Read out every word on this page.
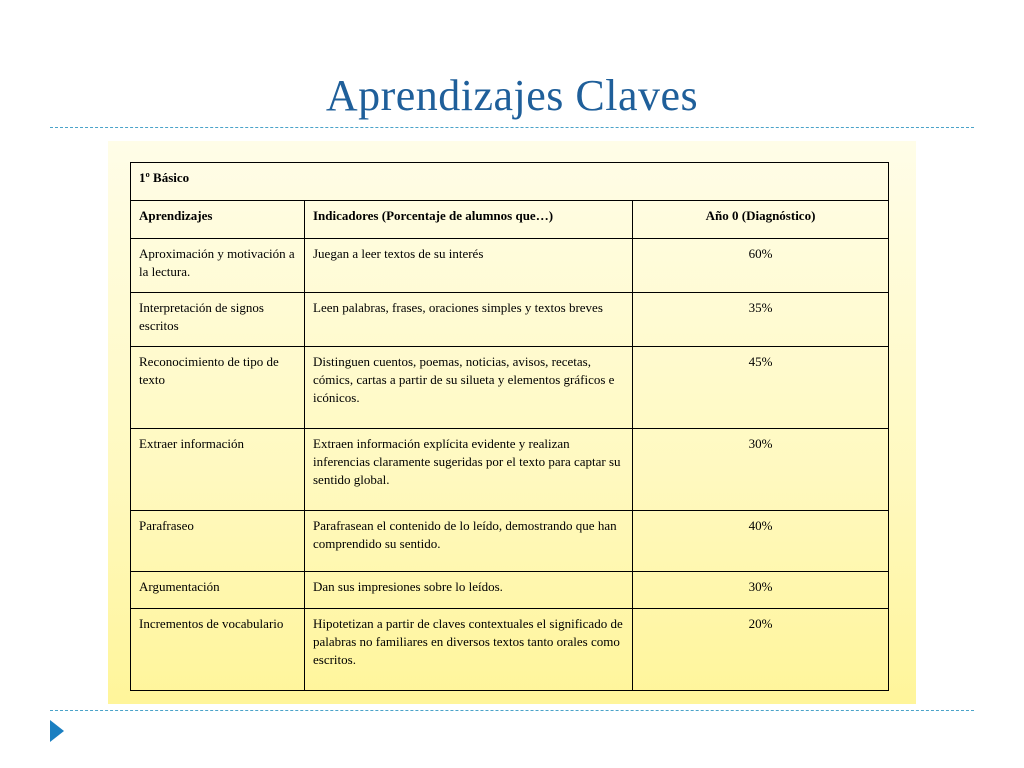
Aprendizajes Claves
1º Básico		
Aprendizajes	Indicadores (Porcentaje de alumnos que…)	Año 0 (Diagnóstico)
Aproximación y motivación a la lectura.	Juegan a leer textos de su interés	60%
Interpretación de signos escritos	Leen palabras, frases, oraciones simples y textos breves	35%
Reconocimiento de tipo de texto	Distinguen cuentos, poemas, noticias, avisos, recetas, cómics, cartas a partir de su silueta y elementos gráficos e icónicos.	45%
Extraer información	Extraen información explícita evidente y realizan inferencias claramente sugeridas por el texto para captar su sentido global.	30%
Parafraseo	Parafrasean el contenido de lo leído, demostrando que han comprendido su sentido.	40%
Argumentación	Dan sus impresiones sobre lo leídos.	30%
Incrementos de vocabulario	Hipotetizan a partir de claves contextuales el significado de palabras no familiares en diversos textos tanto orales como escritos.	20%
